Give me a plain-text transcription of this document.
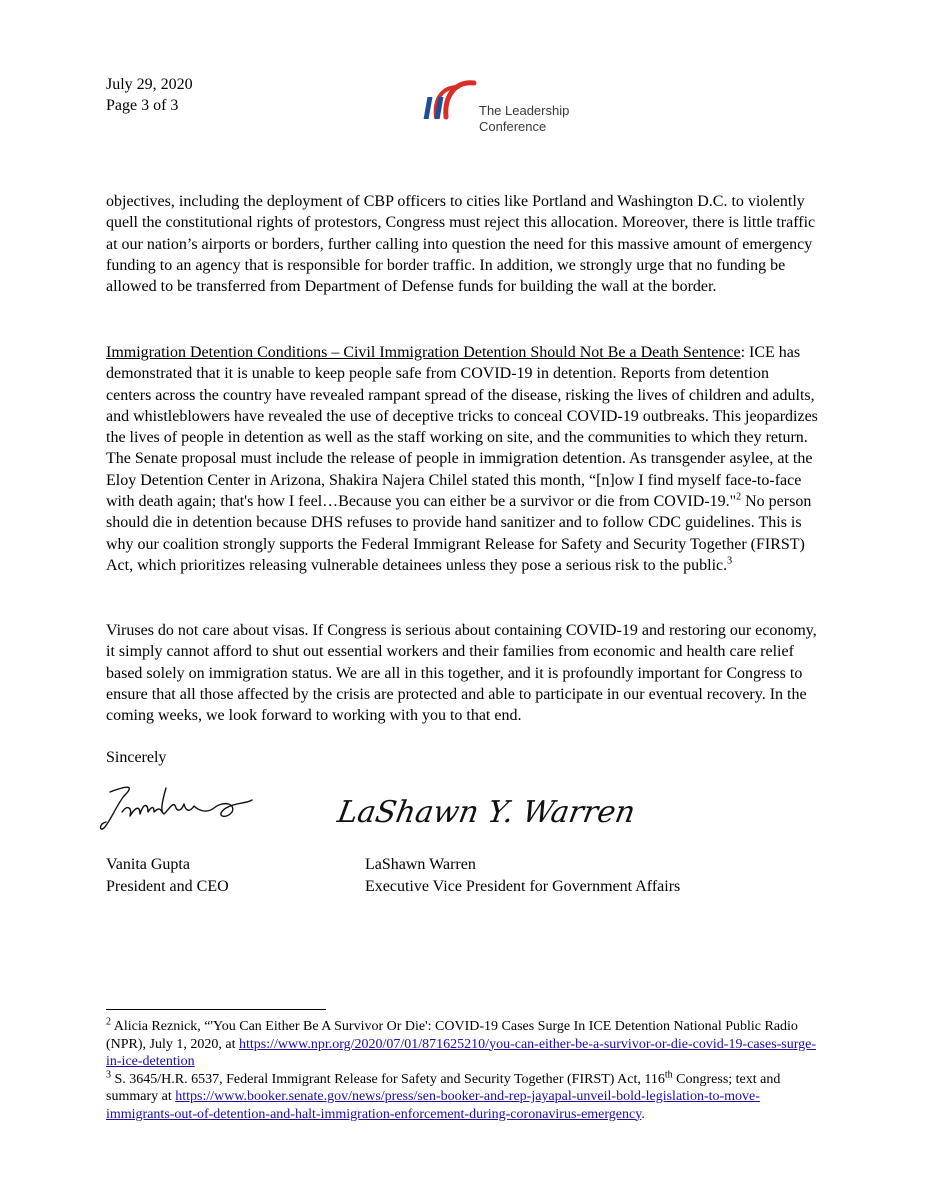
July 29, 2020
Page 3 of 3	The Leadership
Conference
objectives, including the deployment of CBP officers to cities like Portland and Washington D.C. to violently quell the constitutional rights of protestors, Congress must reject this allocation. Moreover, there is little traffic at our nation’s airports or borders, further calling into question the need for this massive amount of emergency funding to an agency that is responsible for border traffic. In addition, we strongly urge that no funding be allowed to be transferred from Department of Defense funds for building the wall at the border.
Immigration Detention Conditions – Civil Immigration Detention Should Not Be a Death Sentence: ICE has demonstrated that it is unable to keep people safe from COVID-19 in detention. Reports from detention centers across the country have revealed rampant spread of the disease, risking the lives of children and adults, and whistleblowers have revealed the use of deceptive tricks to conceal COVID-19 outbreaks. This jeopardizes the lives of people in detention as well as the staff working on site, and the communities to which they return. The Senate proposal must include the release of people in immigration detention. As transgender asylee, at the Eloy Detention Center in Arizona, Shakira Najera Chilel stated this month, “[n]ow I find myself face-to-face with death again; that's how I feel…Because you can either be a survivor or die from COVID-19."$^2$ No person should die in detention because DHS refuses to provide hand sanitizer and to follow CDC guidelines. This is why our coalition strongly supports the Federal Immigrant Release for Safety and Security Together (FIRST) Act, which prioritizes releasing vulnerable detainees unless they pose a serious risk to the public.$^3$
Viruses do not care about visas. If Congress is serious about containing COVID-19 and restoring our economy, it simply cannot afford to shut out essential workers and their families from economic and health care relief based solely on immigration status. We are all in this together, and it is profoundly important for Congress to ensure that all those affected by the crisis are protected and able to participate in our eventual recovery. In the coming weeks, we look forward to working with you to that end.
Sincerely
LaShawn Y. Warren
Vanita Gupta
President and CEO
LaShawn Warren
Executive Vice President for Government Affairs
$^2$ Alicia Reznick, “'You Can Either Be A Survivor Or Die': COVID-19 Cases Surge In ICE Detention National Public Radio (NPR), July 1, 2020, at https://www.npr.org/2020/07/01/871625210/you-can-either-be-a-survivor-or-die-covid-19-cases-surge-in-ice-detention
$^3$ S. 3645/H.R. 6537, Federal Immigrant Release for Safety and Security Together (FIRST) Act, 116th Congress; text and summary at https://www.booker.senate.gov/news/press/sen-booker-and-rep-jayapal-unveil-bold-legislation-to-move-immigrants-out-of-detention-and-halt-immigration-enforcement-during-coronavirus-emergency.
